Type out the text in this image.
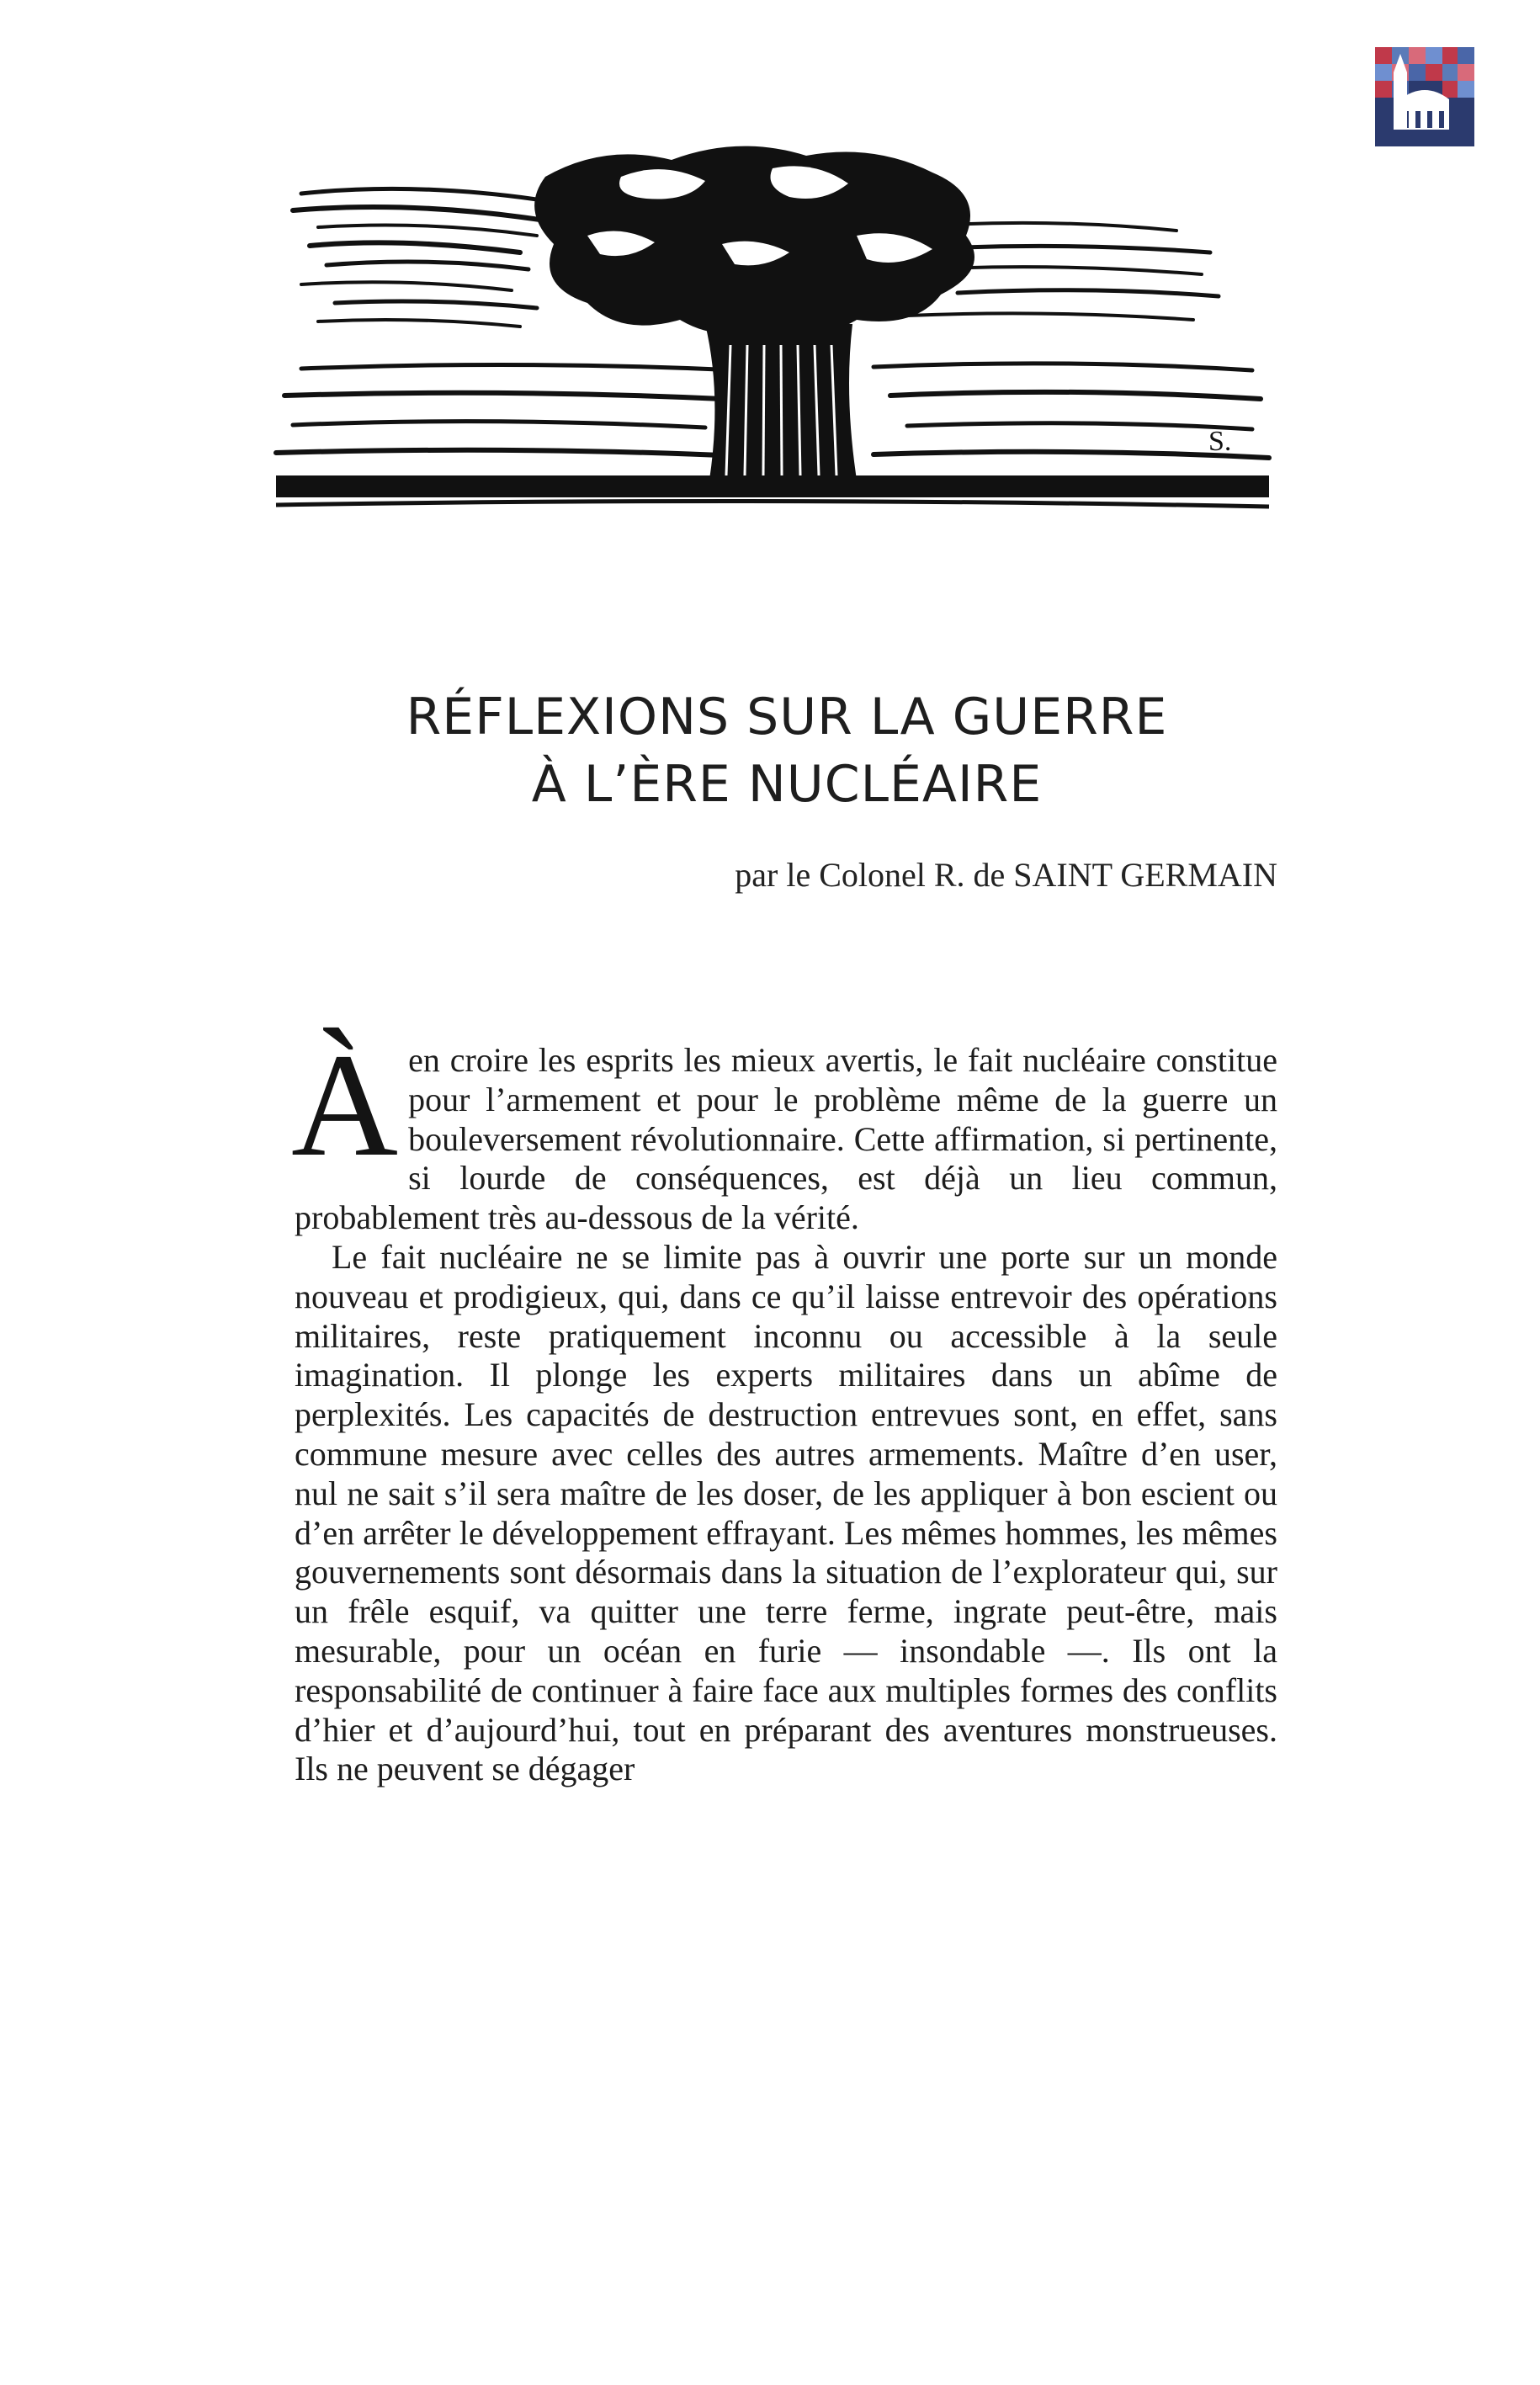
S.
RÉFLEXIONS SUR LA GUERRE
À L’ÈRE NUCLÉAIRE

par le Colonel R. de SAINT GERMAIN

Àen croire les esprits les mieux avertis, le fait nucléaire constitue pour l’armement et pour le problème même de la guerre un bouleversement révolutionnaire. Cette affirmation, si pertinente, si lourde de conséquences, est déjà un lieu commun, probablement très au-dessous de la vérité.

Le fait nucléaire ne se limite pas à ouvrir une porte sur un monde nouveau et prodigieux, qui, dans ce qu’il laisse entrevoir des opérations militaires, reste pratiquement inconnu ou accessible à la seule imagination. Il plonge les experts militaires dans un abîme de perplexités. Les capacités de destruction entrevues sont, en effet, sans commune mesure avec celles des autres armements. Maître d’en user, nul ne sait s’il sera maître de les doser, de les appliquer à bon escient ou d’en arrêter le développement effrayant. Les mêmes hommes, les mêmes gouvernements sont désormais dans la situation de l’explorateur qui, sur un frêle esquif, va quitter une terre ferme, ingrate peut-être, mais mesurable, pour un océan en furie — insondable —. Ils ont la responsabilité de continuer à faire face aux multiples formes des conflits d’hier et d’aujourd’hui, tout en préparant des aventures monstrueuses. Ils ne peuvent se dégager
